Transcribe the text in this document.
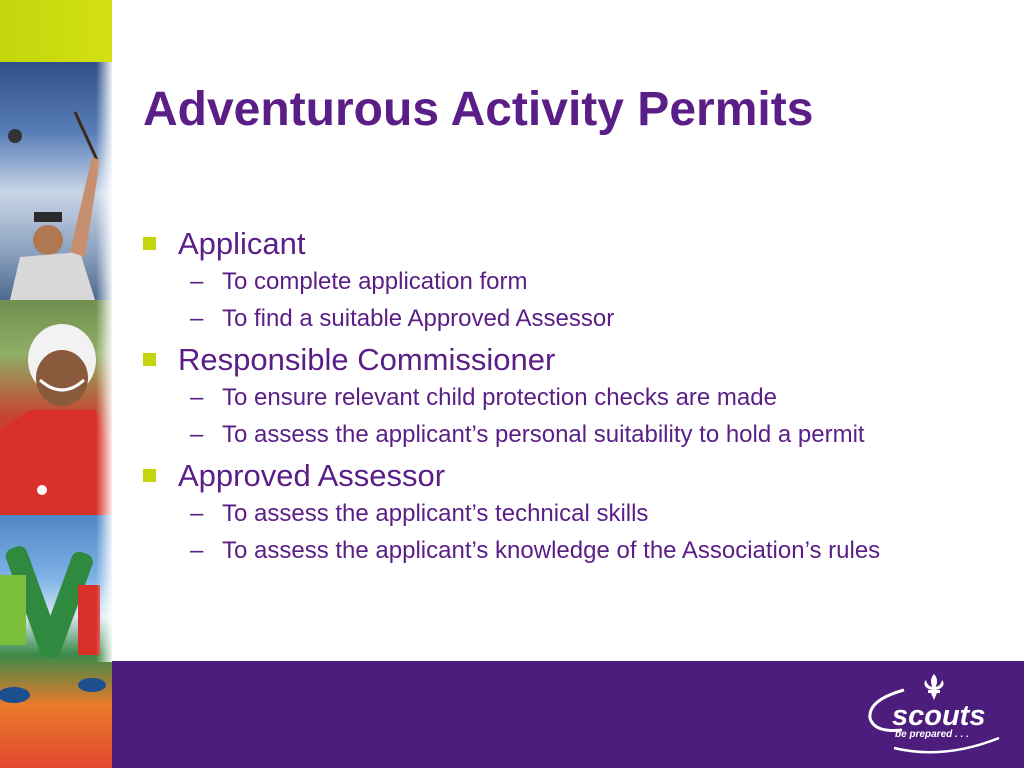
Adventurous Activity Permits
Applicant
– To complete application form
– To find a suitable Approved Assessor
Responsible Commissioner
– To ensure relevant child protection checks are made
– To assess the applicant’s personal suitability to hold a permit
Approved Assessor
– To assess the applicant’s technical skills
– To assess the applicant’s knowledge of the Association’s rules
scouts
be prepared . . .
